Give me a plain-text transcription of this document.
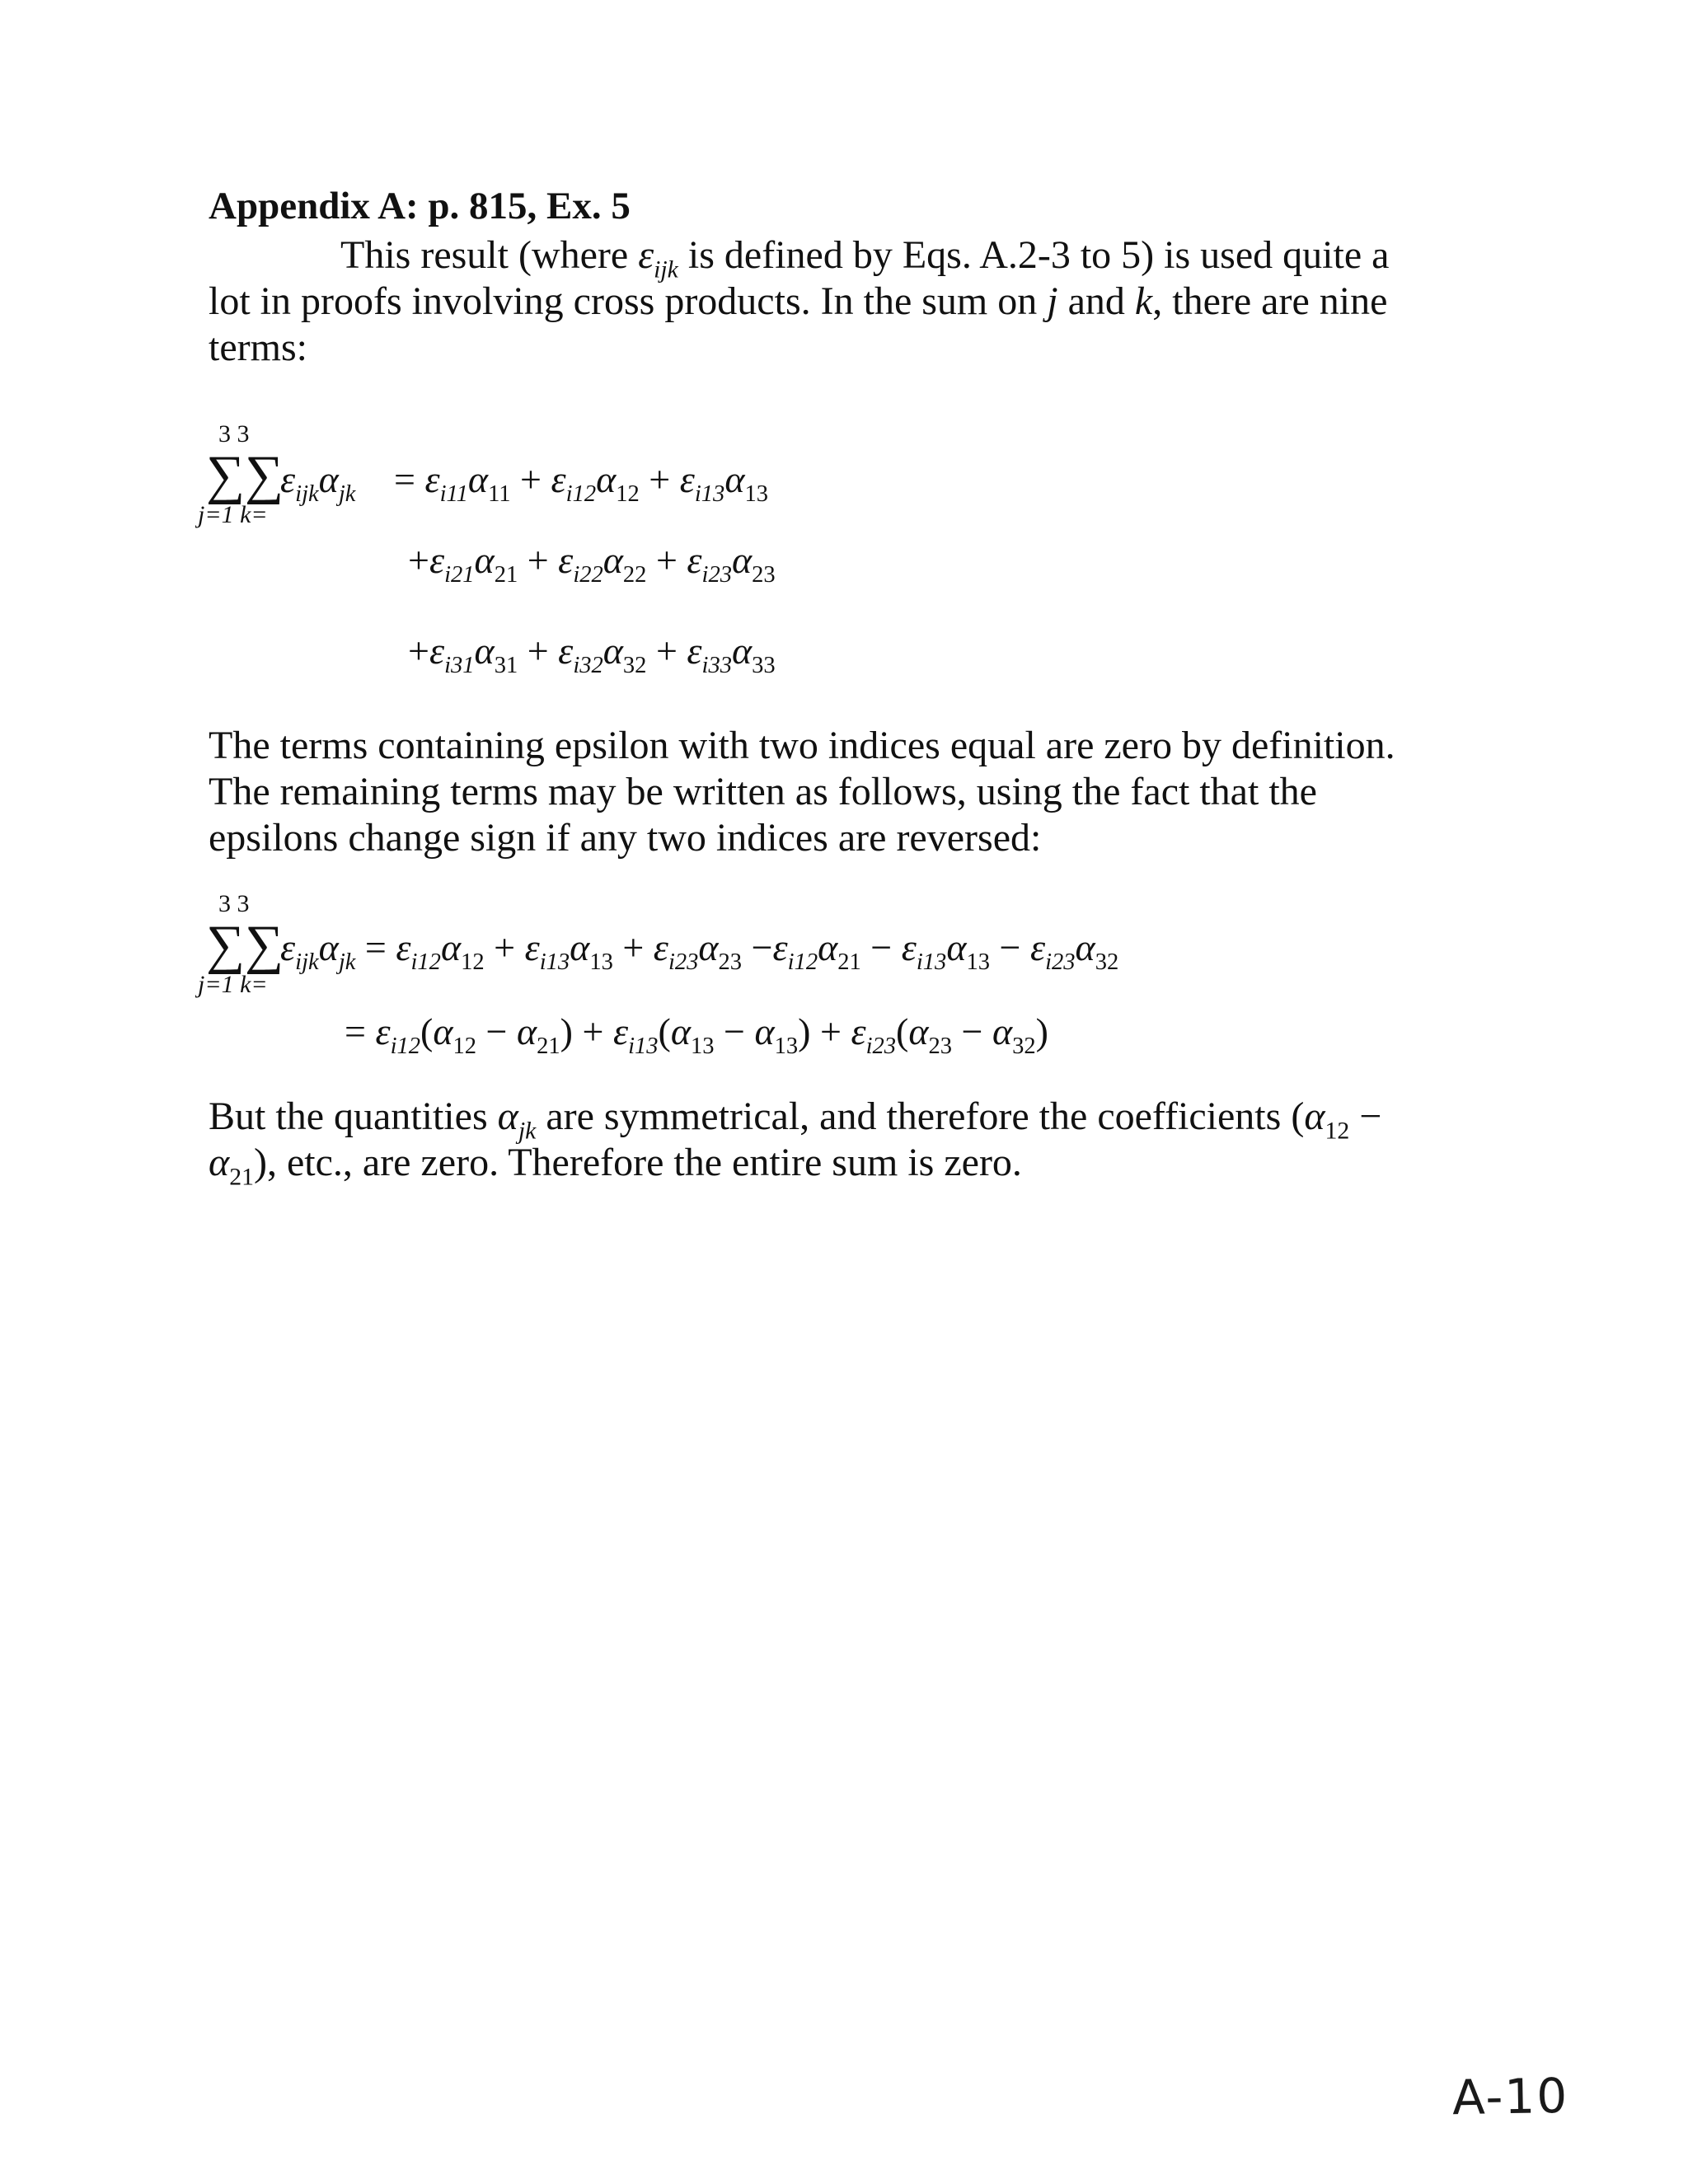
Appendix A: p. 815, Ex. 5
This result (where $\varepsilon_{ijk}$ is defined by Eqs. A.2-3 to 5) is used quite a lot in proofs involving cross products. In the sum on j and k, there are nine terms:
3 3
∑∑
j=1 k=
$\varepsilon_{ijk}\alpha_{jk} = \varepsilon_{i11}\alpha_{11} + \varepsilon_{i12}\alpha_{12} + \varepsilon_{i13}\alpha_{13}$
$+\varepsilon_{i21}\alpha_{21} + \varepsilon_{i22}\alpha_{22} + \varepsilon_{i23}\alpha_{23}$
$+\varepsilon_{i31}\alpha_{31} + \varepsilon_{i32}\alpha_{32} + \varepsilon_{i33}\alpha_{33}$
The terms containing epsilon with two indices equal are zero by definition. The remaining terms may be written as follows, using the fact that the epsilons change sign if any two indices are reversed:
3 3
∑∑
j=1 k=
$\varepsilon_{ijk}\alpha_{jk} = \varepsilon_{i12}\alpha_{12} + \varepsilon_{i13}\alpha_{13} + \varepsilon_{i23}\alpha_{23} -\varepsilon_{i12}\alpha_{21} - \varepsilon_{i13}\alpha_{13} - \varepsilon_{i23}\alpha_{32}$
= $\varepsilon_{i12}(\alpha_{12} - \alpha_{21}) + \varepsilon_{i13}(\alpha_{13} - \alpha_{13}) + \varepsilon_{i23}(\alpha_{23} - \alpha_{32})$
But the quantities $\alpha_{jk}$ are symmetrical, and therefore the coefficients $(\alpha_{12} - \alpha_{21})$, etc., are zero. Therefore the entire sum is zero.
A-10
